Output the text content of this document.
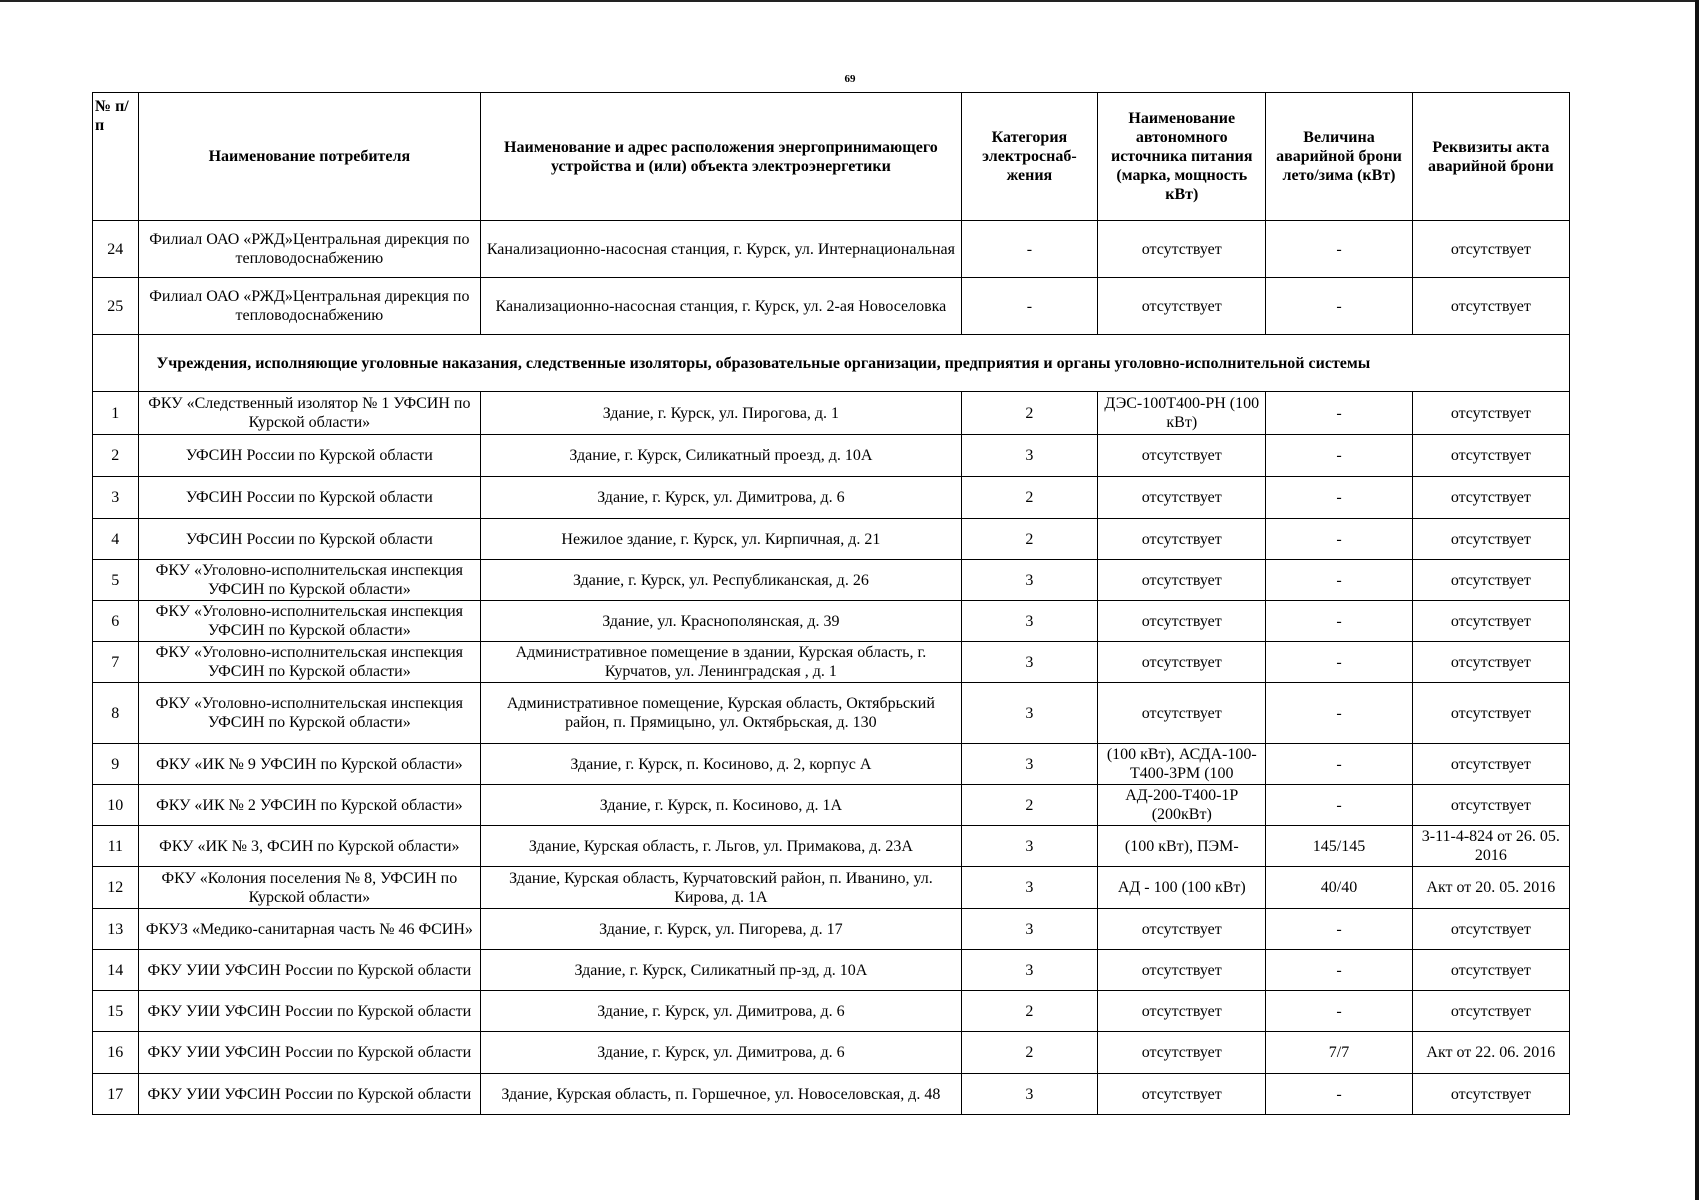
69
№ п/п	Наименование потребителя	Наименование и адрес расположения энергопринимающего устройства и (или) объекта электроэнергетики	Категория электроснаб-жения	Наименование автономного источника питания (марка, мощность кВт)	Величина аварийной брони лето/зима (кВт)	Реквизиты акта аварийной брони
24	Филиал ОАО «РЖД»Центральная дирекция по тепловодоснабжению	Канализационно-насосная станция, г. Курск, ул. Интернациональная	-	отсутствует	-	отсутствует
25	Филиал ОАО «РЖД»Центральная дирекция по тепловодоснабжению	Канализационно-насосная станция, г. Курск, ул. 2-ая Новоселовка	-	отсутствует	-	отсутствует
	Учреждения, исполняющие уголовные наказания, следственные изоляторы, образовательные организации, предприятия и органы уголовно-исполнительной системы					
1	ФКУ «Следственный изолятор № 1 УФСИН по Курской области»	Здание, г. Курск, ул. Пирогова, д. 1	2	ДЭС-100Т400-РН (100 кВт)	-	отсутствует
2	УФСИН России по Курской области	Здание, г. Курск, Силикатный проезд, д. 10А	3	отсутствует	-	отсутствует
3	УФСИН России по Курской области	Здание, г. Курск, ул. Димитрова, д. 6	2	отсутствует	-	отсутствует
4	УФСИН России по Курской области	Нежилое здание, г. Курск, ул. Кирпичная, д. 21	2	отсутствует	-	отсутствует
5	ФКУ «Уголовно-исполнительская инспекция УФСИН по Курской области»	Здание, г. Курск, ул. Республиканская, д. 26	3	отсутствует	-	отсутствует
6	ФКУ «Уголовно-исполнительская инспекция УФСИН по Курской области»	Здание, ул. Краснополянская, д. 39	3	отсутствует	-	отсутствует
7	ФКУ «Уголовно-исполнительская инспекция УФСИН по Курской области»	Административное помещение в здании, Курская область, г. Курчатов, ул. Ленинградская , д. 1	3	отсутствует	-	отсутствует
8	ФКУ «Уголовно-исполнительская инспекция УФСИН по Курской области»	Административное помещение, Курская область, Октябрьский район, п. Прямицыно, ул. Октябрьская, д. 130	3	отсутствует	-	отсутствует
9	ФКУ «ИК № 9 УФСИН по Курской области»	Здание, г. Курск, п. Косиново, д. 2, корпус А	3	(100 кВт), АСДА-100-Т400-3РМ (100	-	отсутствует
10	ФКУ «ИК № 2 УФСИН по Курской области»	Здание, г. Курск, п. Косиново, д. 1А	2	АД-200-Т400-1Р (200кВт)	-	отсутствует
11	ФКУ «ИК № 3, ФСИН по Курской области»	Здание, Курская область, г. Льгов, ул. Примакова, д. 23А	3	(100 кВт), ПЭМ-	145/145	3-11-4-824 от 26. 05. 2016
12	ФКУ «Колония поселения № 8, УФСИН по Курской области»	Здание, Курская область, Курчатовский район, п. Иванино, ул. Кирова, д. 1А	3	АД - 100 (100 кВт)	40/40	Акт от 20. 05. 2016
13	ФКУЗ «Медико-санитарная часть № 46 ФСИН»	Здание, г. Курск, ул. Пигорева, д. 17	3	отсутствует	-	отсутствует
14	ФКУ УИИ УФСИН России по Курской области	Здание, г. Курск, Силикатный пр-зд, д. 10А	3	отсутствует	-	отсутствует
15	ФКУ УИИ УФСИН России по Курской области	Здание, г. Курск, ул. Димитрова, д. 6	2	отсутствует	-	отсутствует
16	ФКУ УИИ УФСИН России по Курской области	Здание, г. Курск, ул. Димитрова, д. 6	2	отсутствует	7/7	Акт от 22. 06. 2016
17	ФКУ УИИ УФСИН России по Курской области	Здание, Курская область, п. Горшечное, ул. Новоселовская, д. 48	3	отсутствует	-	отсутствует
